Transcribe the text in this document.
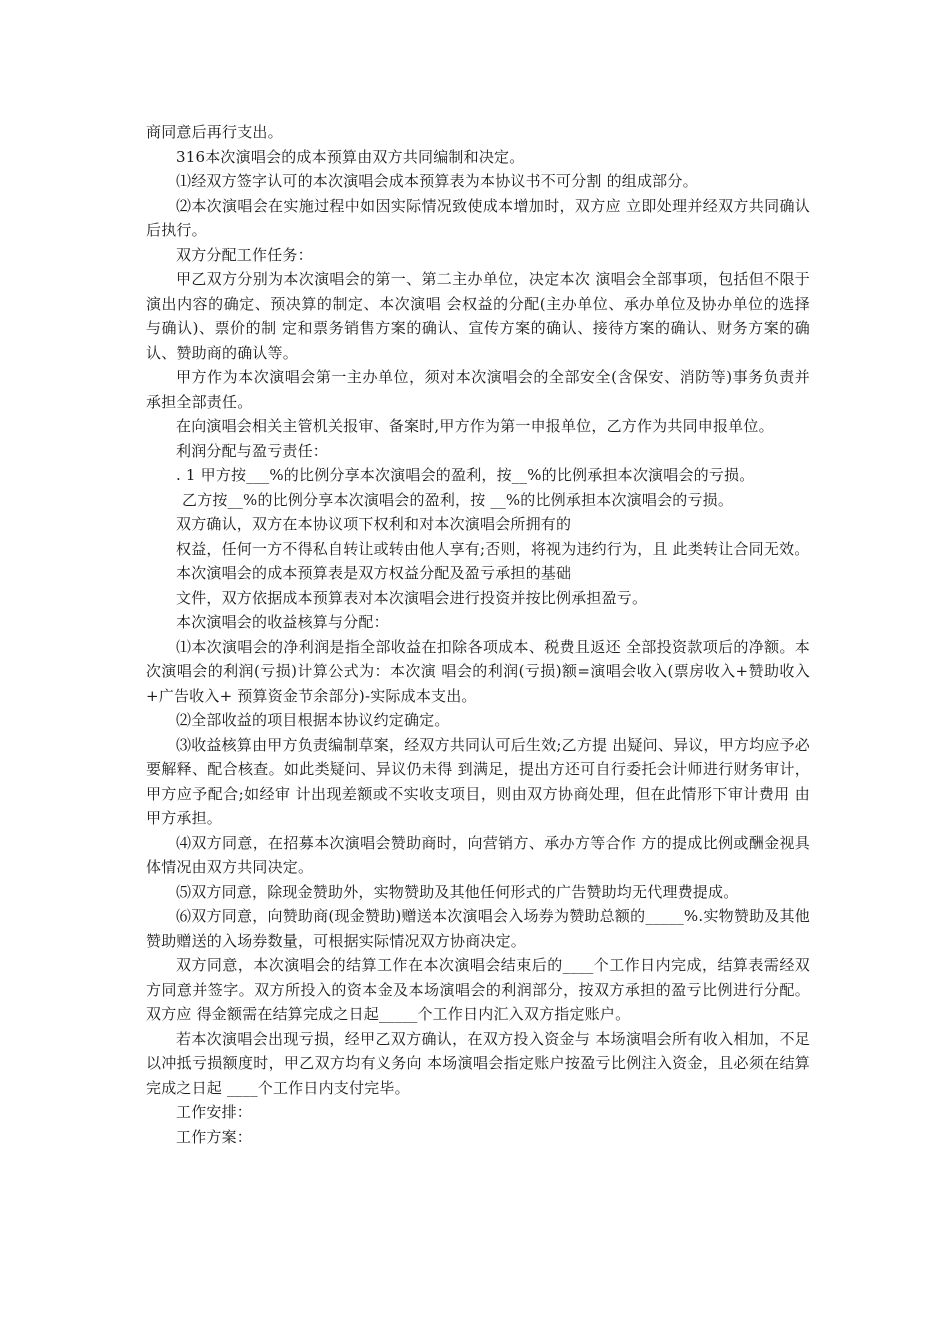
商同意后再行支出。

316本次演唱会的成本预算由双方共同编制和决定。

⑴经双方签字认可的本次演唱会成本预算表为本协议书不可分割 的组成部分。

⑵本次演唱会在实施过程中如因实际情况致使成本增加时，双方应 立即处理并经双方共同确认后执行。

双方分配工作任务：

甲乙双方分别为本次演唱会的第一、第二主办单位，决定本次 演唱会全部事项，包括但不限于演出内容的确定、预决算的制定、本次演唱 会权益的分配(主办单位、承办单位及协办单位的选择与确认)、票价的制 定和票务销售方案的确认、宣传方案的确认、接待方案的确认、财务方案的确认、赞助商的确认等。

甲方作为本次演唱会第一主办单位，须对本次演唱会的全部安全(含保安、消防等)事务负责并承担全部责任。

在向演唱会相关主管机关报审、备案时,甲方作为第一申报单位，乙方作为共同申报单位。

利润分配与盈亏责任：

. 1 甲方按___%的比例分享本次演唱会的盈利，按__%的比例承担本次演唱会的亏损。

乙方按__%的比例分享本次演唱会的盈利，按 __%的比例承担本次演唱会的亏损。

双方确认，双方在本协议项下权利和对本次演唱会所拥有的

权益，任何一方不得私自转让或转由他人享有;否则，将视为违约行为，且 此类转让合同无效。

本次演唱会的成本预算表是双方权益分配及盈亏承担的基础

文件，双方依据成本预算表对本次演唱会进行投资并按比例承担盈亏。

本次演唱会的收益核算与分配：

⑴本次演唱会的净利润是指全部收益在扣除各项成本、税费且返还 全部投资款项后的净额。本次演唱会的利润(亏损)计算公式为：本次演 唱会的利润(亏损)额=演唱会收入(票房收入+赞助收入+广告收入+ 预算资金节余部分)-实际成本支出。

⑵全部收益的项目根据本协议约定确定。

⑶收益核算由甲方负责编制草案，经双方共同认可后生效;乙方提 出疑问、异议，甲方均应予必要解释、配合核查。如此类疑问、异议仍未得 到满足，提出方还可自行委托会计师进行财务审计，甲方应予配合;如经审 计出现差额或不实收支项目，则由双方协商处理，但在此情形下审计费用 由甲方承担。

⑷双方同意，在招募本次演唱会赞助商时，向营销方、承办方等合作 方的提成比例或酬金视具体情况由双方共同决定。

⑸双方同意，除现金赞助外，实物赞助及其他任何形式的广告赞助均无代理费提成。

⑹双方同意，向赞助商(现金赞助)赠送本次演唱会入场券为赞助总额的_____%.实物赞助及其他赞助赠送的入场券数量，可根据实际情况双方协商决定。

双方同意，本次演唱会的结算工作在本次演唱会结束后的____个工作日内完成，结算表需经双方同意并签字。双方所投入的资本金及本场演唱会的利润部分，按双方承担的盈亏比例进行分配。双方应 得金额需在结算完成之日起_____个工作日内汇入双方指定账户。

若本次演唱会出现亏损，经甲乙双方确认，在双方投入资金与 本场演唱会所有收入相加，不足以冲抵亏损额度时，甲乙双方均有义务向 本场演唱会指定账户按盈亏比例注入资金，且必须在结算完成之日起 ____个工作日内支付完毕。

工作安排：

工作方案：
